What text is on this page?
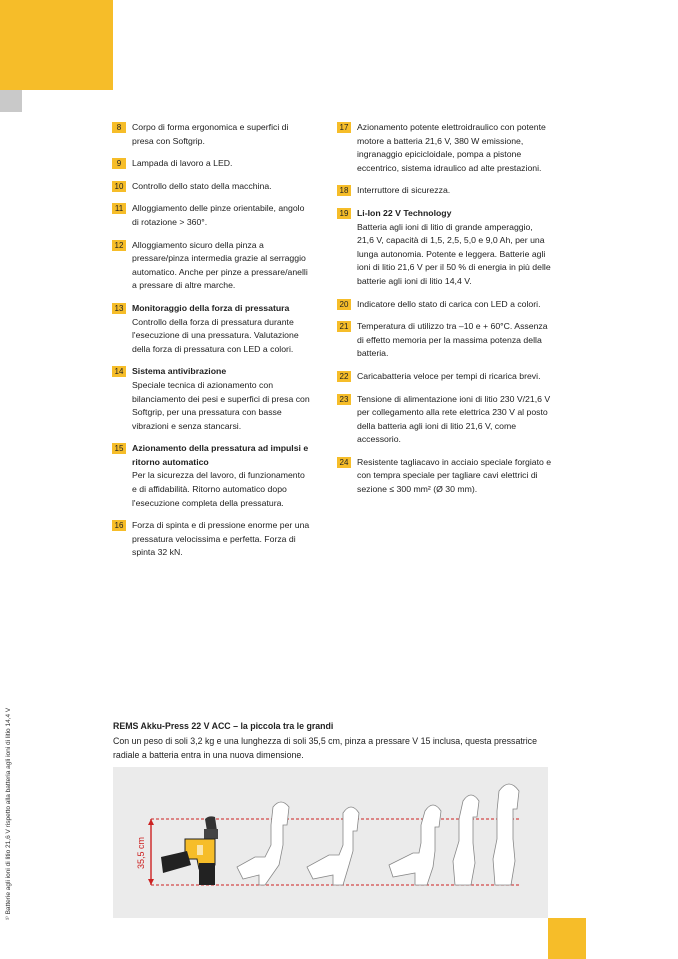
¹⁾ Batterie agli ioni di litio 21,6 V rispetto alla batteria agli ioni di litio 14,4 V
8	Corpo di forma ergonomica e superfici di presa con Softgrip.
9	Lampada di lavoro a LED.
10 Controllo dello stato della macchina.
11	Alloggiamento delle pinze orientabile, angolo di rotazione > 360°.
12 Alloggiamento sicuro della pinza a pressare/pinza intermedia grazie al serraggio automatico. Anche per pinze a pressare/anelli a pressare di altre marche.
13 Monitoraggio della forza di pressatura
Controllo della forza di pressatura durante l'esecuzione di una pressatura. Valutazione della forza di pressatura con LED a colori.
14 Sistema antivibrazione
Speciale tecnica di azionamento con bilanciamento dei pesi e superfici di presa con Softgrip, per una pressatura con basse vibrazioni e senza stancarsi.
15 Azionamento della pressatura ad impulsi e ritorno automatico
Per la sicurezza del lavoro, di funzionamento e di affidabilità. Ritorno automatico dopo l'esecuzione completa della pressatura.
16 Forza di spinta e di pressione enorme per una pressatura velocissima e perfetta. Forza di spinta 32 kN.
17 Azionamento potente elettroidraulico con potente motore a batteria 21,6 V, 380 W emissione, ingranaggio epicicloidale, pompa a pistone eccentrico, sistema idraulico ad alte prestazioni.
18 Interruttore di sicurezza.
19 Li-Ion 22 V Technology
Batteria agli ioni di litio di grande amperaggio, 21,6 V, capacità di 1,5, 2,5, 5,0 e 9,0 Ah, per una lunga autonomia. Potente e leggera. Batterie agli ioni di litio 21,6 V per il 50 % di energia in più delle batterie agli ioni di litio 14,4 V.
20 Indicatore dello stato di carica con LED a colori.
21 Temperatura di utilizzo tra –10 e + 60°C. Assenza di effetto memoria per la massima potenza della batteria.
22 Caricabatteria veloce per tempi di ricarica brevi.
23 Tensione di alimentazione ioni di litio 230 V/21,6 V per collegamento alla rete elettrica 230 V al posto della batteria agli ioni di litio 21,6 V, come accessorio.
24 Resistente tagliacavo in acciaio speciale forgiato e con tempra speciale per tagliare cavi elettrici di sezione ≤ 300 mm² (Ø 30 mm).
REMS Akku-Press 22 V ACC – la piccola tra le grandi
Con un peso di soli 3,2 kg e una lunghezza di soli 35,5 cm, pinza a pressare V 15 inclusa, questa pressatrice radiale a batteria entra in una nuova dimensione.
35,5 cm
